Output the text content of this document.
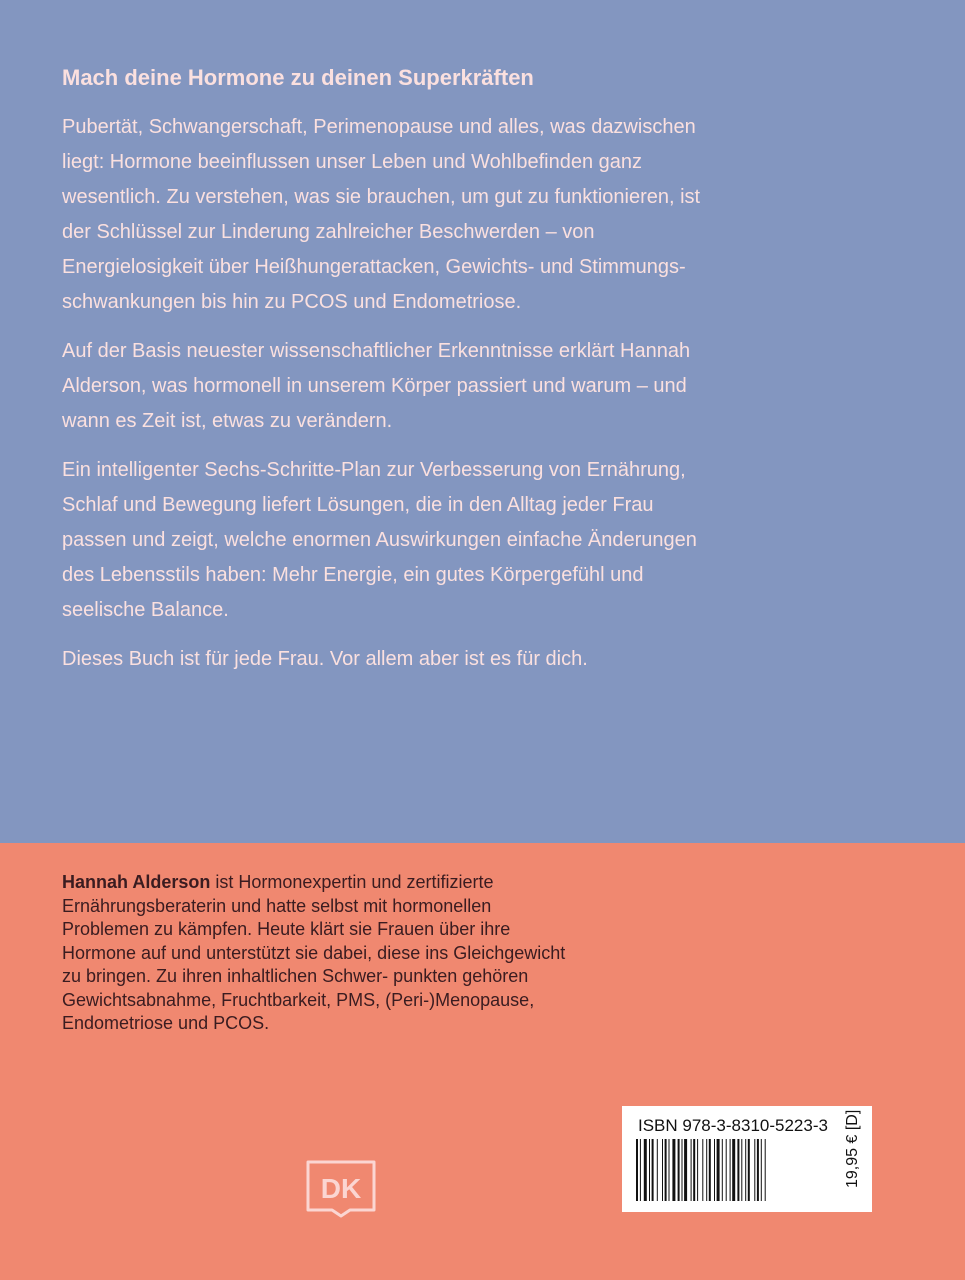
Mach deine Hormone zu deinen Superkräften

Pubertät, Schwangerschaft, Perimenopause und alles, was dazwischen liegt: Hormone beeinflussen unser Leben und Wohlbefinden ganz wesentlich. Zu verstehen, was sie brauchen, um gut zu funktionieren, ist der Schlüssel zur Linderung zahlreicher Beschwerden – von Energielosigkeit über Heißhungerattacken, Gewichts- und Stimmungs- schwankungen bis hin zu PCOS und Endometriose.

Auf der Basis neuester wissenschaftlicher Erkenntnisse erklärt Hannah Alderson, was hormonell in unserem Körper passiert und warum – und wann es Zeit ist, etwas zu verändern.

Ein intelligenter Sechs-Schritte-Plan zur Verbesserung von Ernährung, Schlaf und Bewegung liefert Lösungen, die in den Alltag jeder Frau passen und zeigt, welche enormen Auswirkungen einfache Änderungen des Lebensstils haben: Mehr Energie, ein gutes Körpergefühl und seelische Balance.

Dieses Buch ist für jede Frau. Vor allem aber ist es für dich.

Hannah Alderson ist Hormonexpertin und zertifizierte Ernährungsberaterin und hatte selbst mit hormonellen Problemen zu kämpfen. Heute klärt sie Frauen über ihre Hormone auf und unterstützt sie dabei, diese ins Gleichgewicht zu bringen. Zu ihren inhaltlichen Schwer- punkten gehören Gewichtsabnahme, Fruchtbarkeit, PMS, (Peri-)Menopause, Endometriose und PCOS.

DK

ISBN 978-3-8310-5223-3 19,95 € [D]
